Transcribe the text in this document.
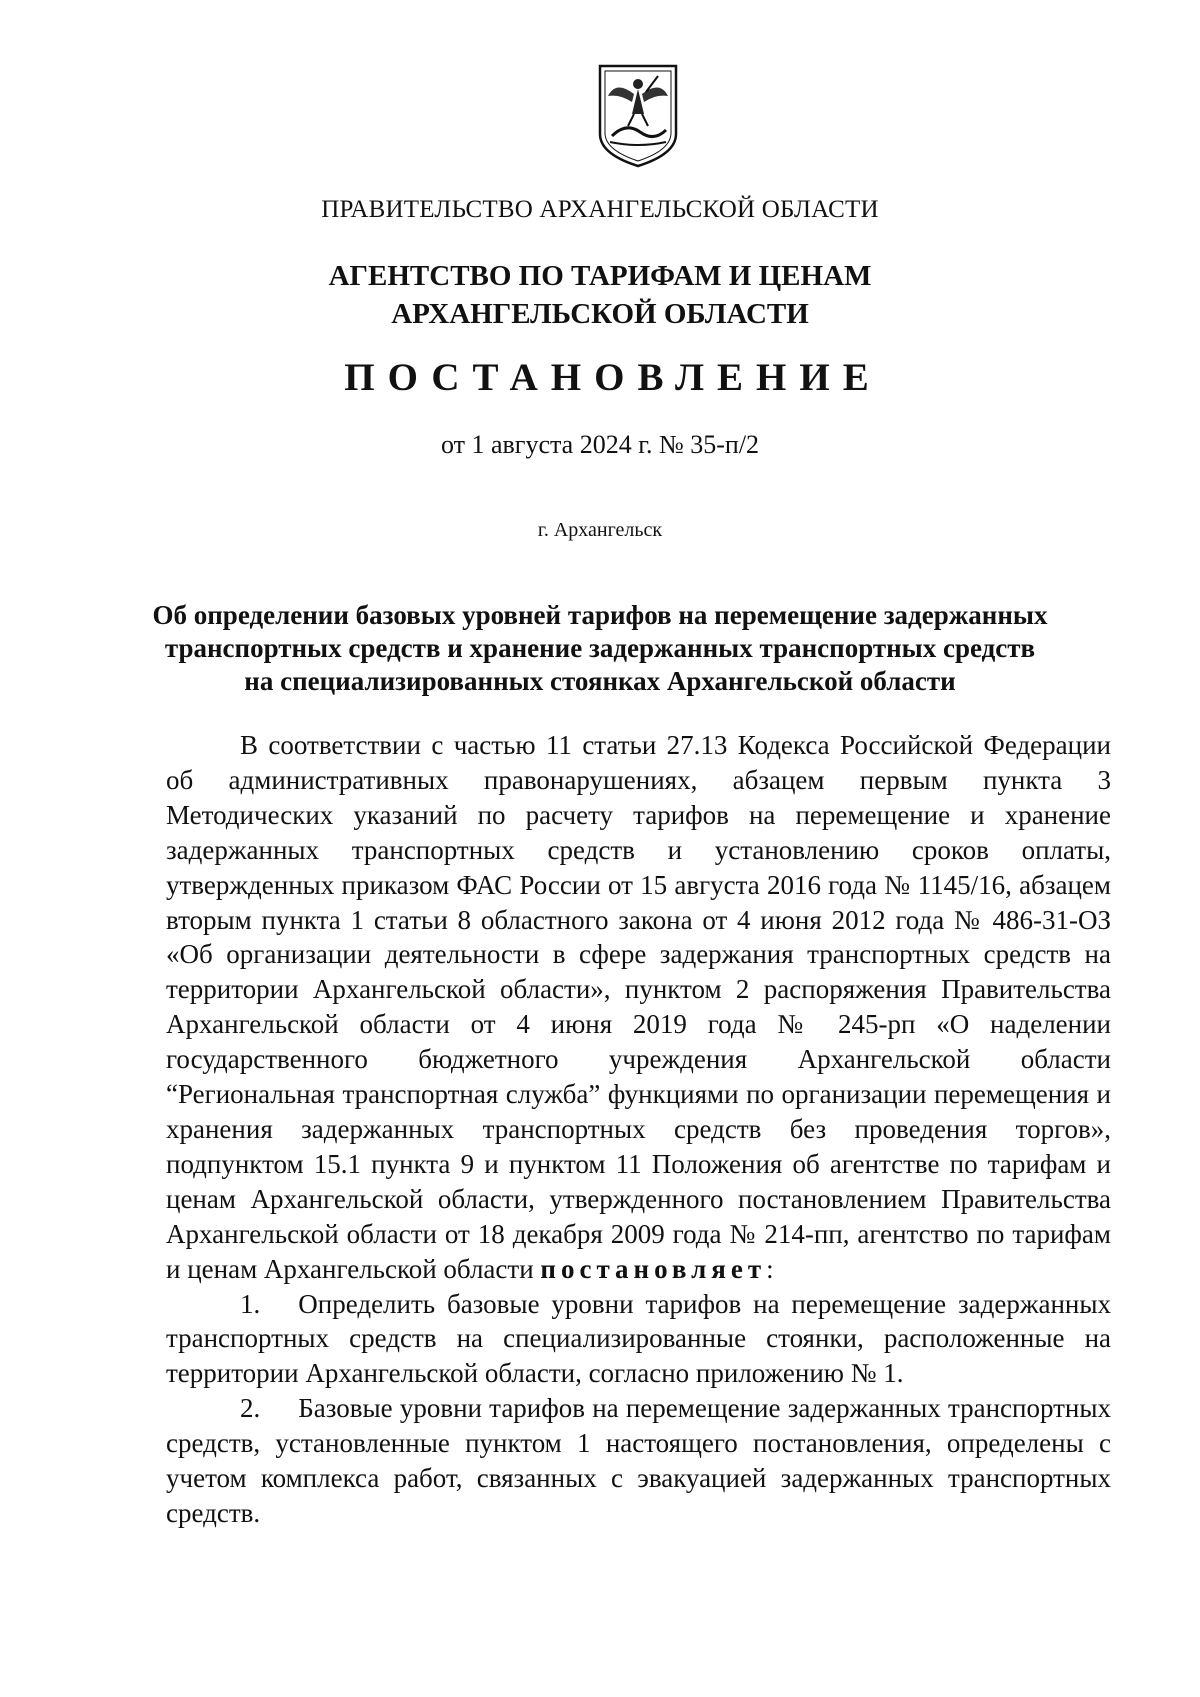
ПРАВИТЕЛЬСТВО АРХАНГЕЛЬСКОЙ ОБЛАСТИ
АГЕНТСТВО ПО ТАРИФАМ И ЦЕНАМ
АРХАНГЕЛЬСКОЙ ОБЛАСТИ
ПОСТАНОВЛЕНИЕ
от 1 августа 2024 г. № 35-п/2
г. Архангельск
Об определении базовых уровней тарифов на перемещение задержанных
транспортных средств и хранение задержанных транспортных средств
на специализированных стоянках Архангельской области

В соответствии с частью 11 статьи 27.13 Кодекса Российской Федерации об административных правонарушениях, абзацем первым пункта 3 Методических указаний по расчету тарифов на перемещение и хранение задержанных транспортных средств и установлению сроков оплаты, утвержденных приказом ФАС России от 15 августа 2016 года № 1145/16, абзацем вторым пункта 1 статьи 8 областного закона от 4 июня 2012 года № 486-31-ОЗ «Об организации деятельности в сфере задержания транспортных средств на территории Архангельской области», пунктом 2 распоряжения Правительства Архангельской области от 4 июня 2019 года № 245-рп «О наделении государственного бюджетного учреждения Архангельской области “Региональная транспортная служба” функциями по организации перемещения и хранения задержанных транспортных средств без проведения торгов», подпунктом 15.1 пункта 9 и пунктом 11 Положения об агентстве по тарифам и ценам Архангельской области, утвержденного постановлением Правительства Архангельской области от 18 декабря 2009 года № 214-пп, агентство по тарифам и ценам Архангельской области постановляет:

1. Определить базовые уровни тарифов на перемещение задержанных транспортных средств на специализированные стоянки, расположенные на территории Архангельской области, согласно приложению № 1.

2. Базовые уровни тарифов на перемещение задержанных транспортных средств, установленные пунктом 1 настоящего постановления, определены с учетом комплекса работ, связанных с эвакуацией задержанных транспортных средств.
